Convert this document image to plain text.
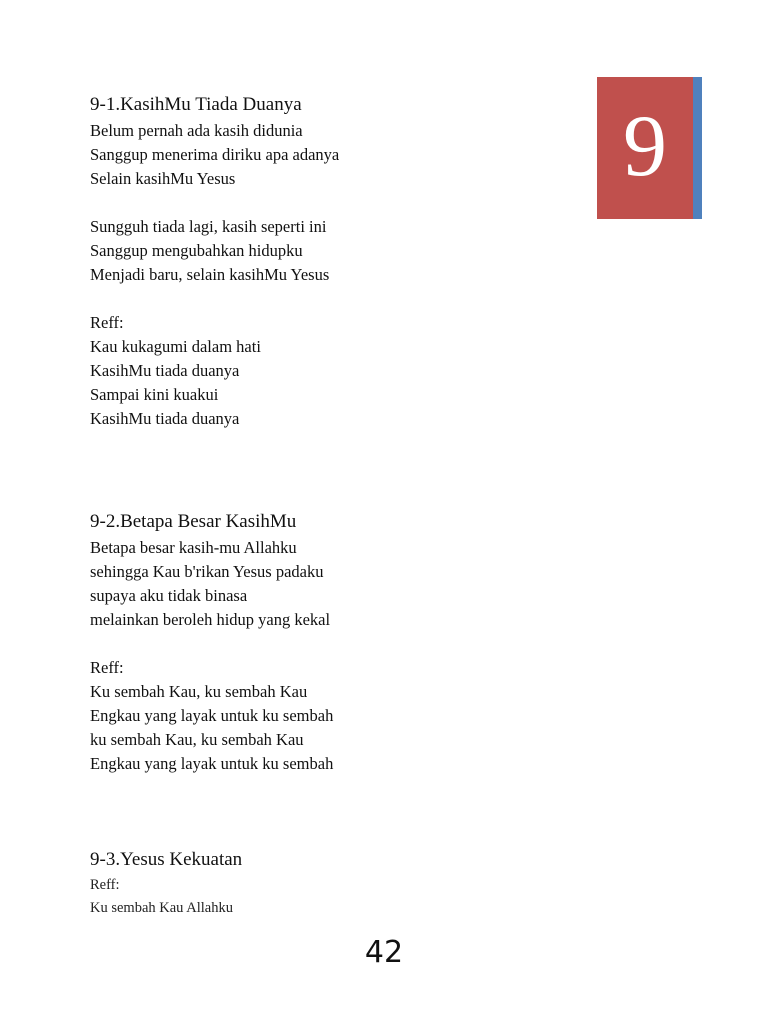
9
9-1.KasihMu Tiada Duanya
Belum pernah ada kasih didunia
Sanggup menerima diriku apa adanya
Selain kasihMu Yesus
Sungguh tiada lagi, kasih seperti ini
Sanggup mengubahkan hidupku
Menjadi baru, selain kasihMu Yesus
Reff:
Kau kukagumi dalam hati
KasihMu tiada duanya
Sampai kini kuakui
KasihMu tiada duanya
9-2.Betapa Besar KasihMu
Betapa besar kasih-mu Allahku
sehingga Kau b'rikan Yesus padaku
supaya aku tidak binasa
melainkan beroleh hidup yang kekal
Reff:
Ku sembah Kau, ku sembah Kau
Engkau yang layak untuk ku sembah
ku sembah Kau, ku sembah Kau
Engkau yang layak untuk ku sembah
9-3.Yesus Kekuatan
Reff:
Ku sembah Kau Allahku
42
